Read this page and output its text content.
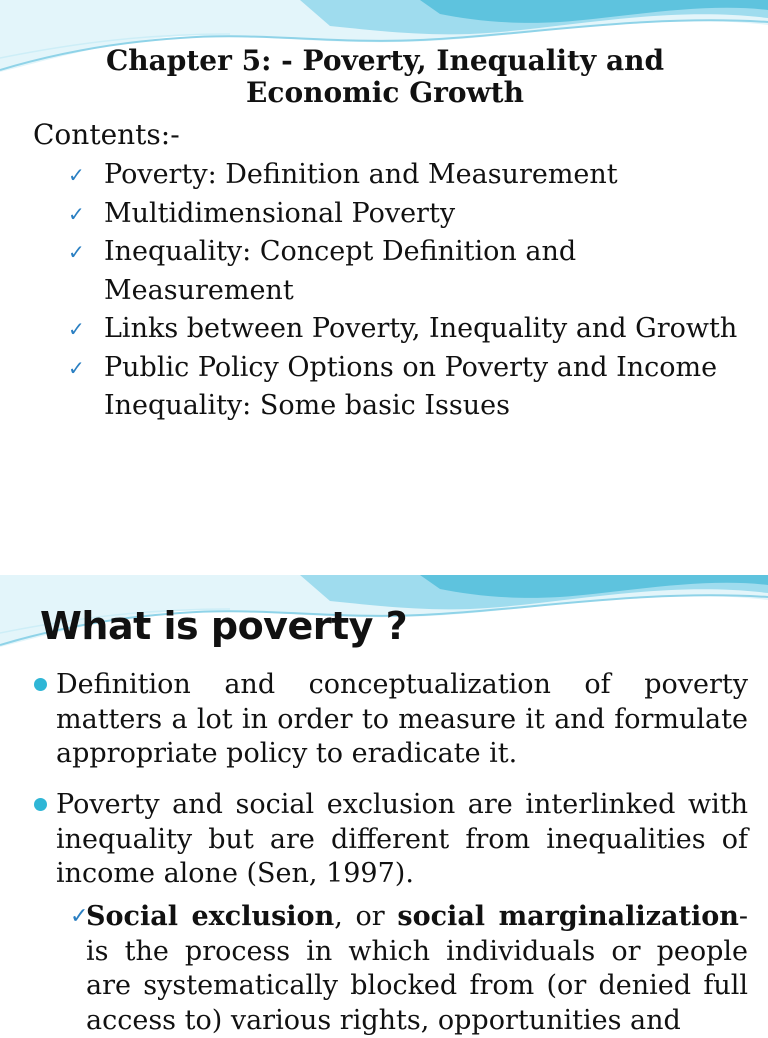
Chapter 5: - Poverty, Inequality and
Economic Growth
Contents:-
✓ Poverty: Definition and Measurement
✓ Multidimensional Poverty
✓ Inequality: Concept Definition and Measurement
✓ Links between Poverty, Inequality and Growth
✓ Public Policy Options on Poverty and Income Inequality: Some basic Issues
What is poverty ?
Definition and conceptualization of poverty matters a lot in order to measure it and formulate appropriate policy to eradicate it.
Poverty and social exclusion are interlinked with inequality but are different from inequalities of income alone (Sen, 1997).
✓
Social exclusion, or social marginalization- is the process in which individuals or people are systematically blocked from (or denied full access to) various rights, opportunities and
